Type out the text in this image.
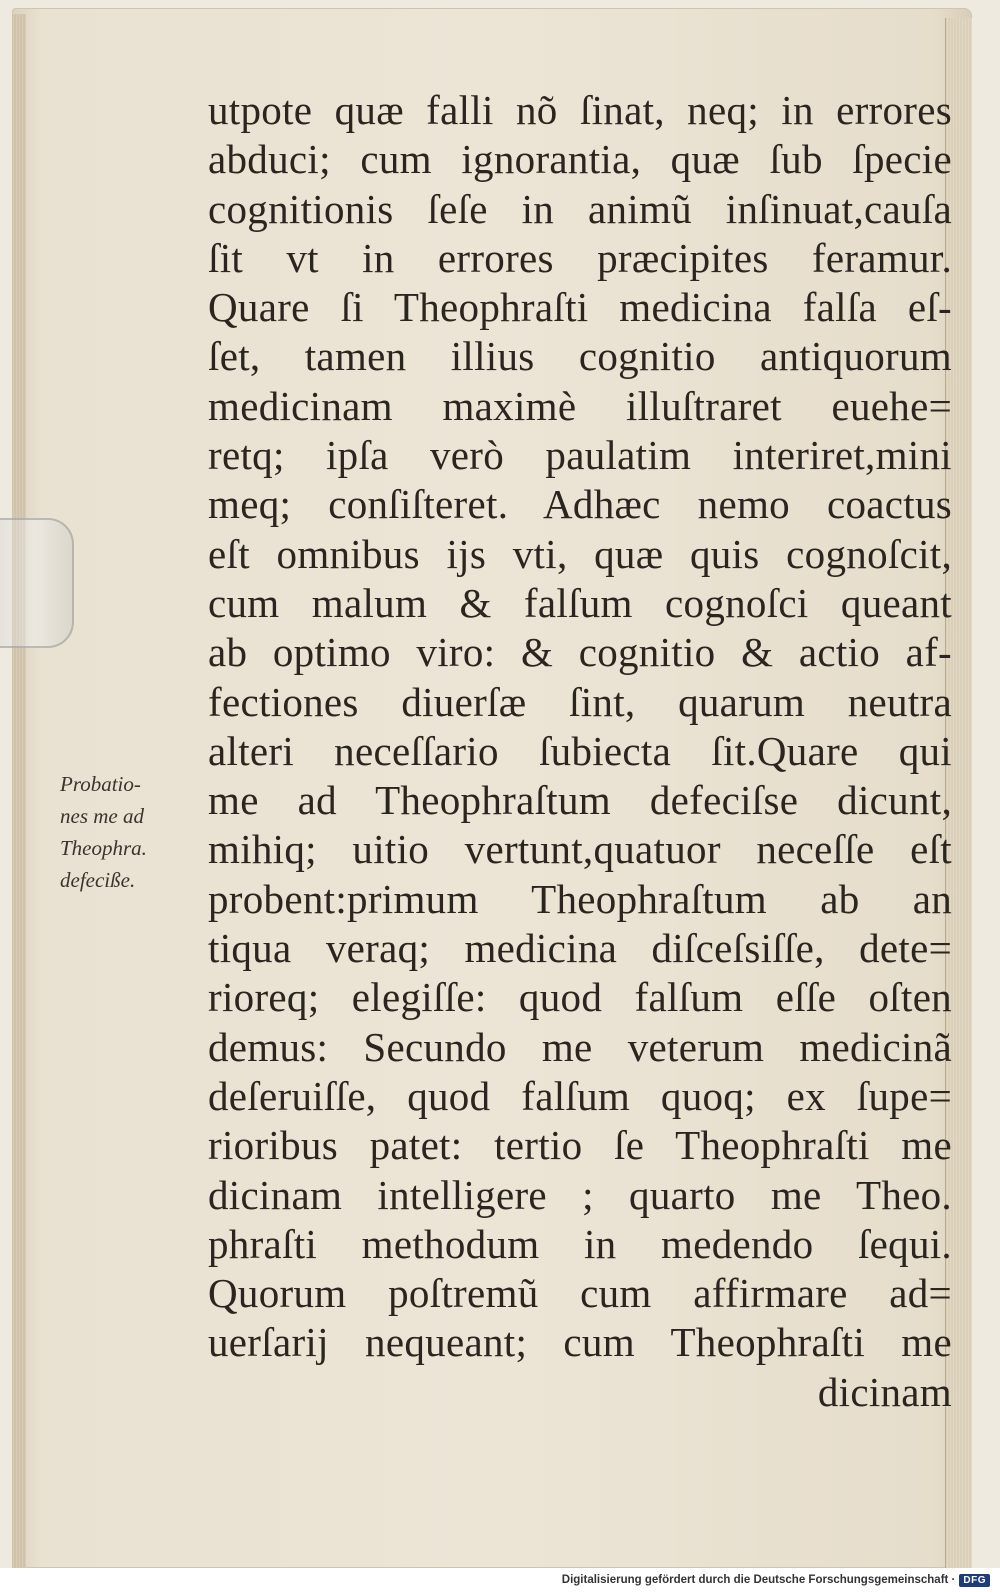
Probatio-
nes me ad
Theophra.
defeciße.
utpote quæ falli nõ ſinat, neq; in errores
abduci; cum ignorantia, quæ ſub ſpecie
cognitionis ſeſe in animũ inſinuat,cauſa
ſit vt in errores præcipites feramur.
Quare ſi Theophraſti medicina falſa eſ-
ſet, tamen illius cognitio antiquorum
medicinam maximè illuſtraret euehe=
retq; ipſa verò paulatim interiret,mini
meq; conſiſteret. Adhæc nemo coactus
eſt omnibus ijs vti, quæ quis cognoſcit,
cum malum & falſum cognoſci queant
ab optimo viro: & cognitio & actio af-
fectiones diuerſæ ſint, quarum neutra
alteri neceſſario ſubiecta ſit.Quare qui
me ad Theophraſtum defeciſse dicunt,
mihiq; uitio vertunt,quatuor neceſſe eſt
probent:primum Theophraſtum ab an
tiqua veraq; medicina diſceſsiſſe, dete=
rioreq; elegiſſe: quod falſum eſſe oſten
demus: Secundo me veterum medicinã
deſeruiſſe, quod falſum quoq; ex ſupe=
rioribus patet: tertio ſe Theophraſti me
dicinam intelligere ; quarto me Theo.
phraſti methodum in medendo ſequi.
Quorum poſtremũ cum affirmare ad=
uerſarij nequeant; cum Theophraſti me
dicinam
Digitalisierung gefördert durch die Deutsche Forschungsgemeinschaft · DFG
